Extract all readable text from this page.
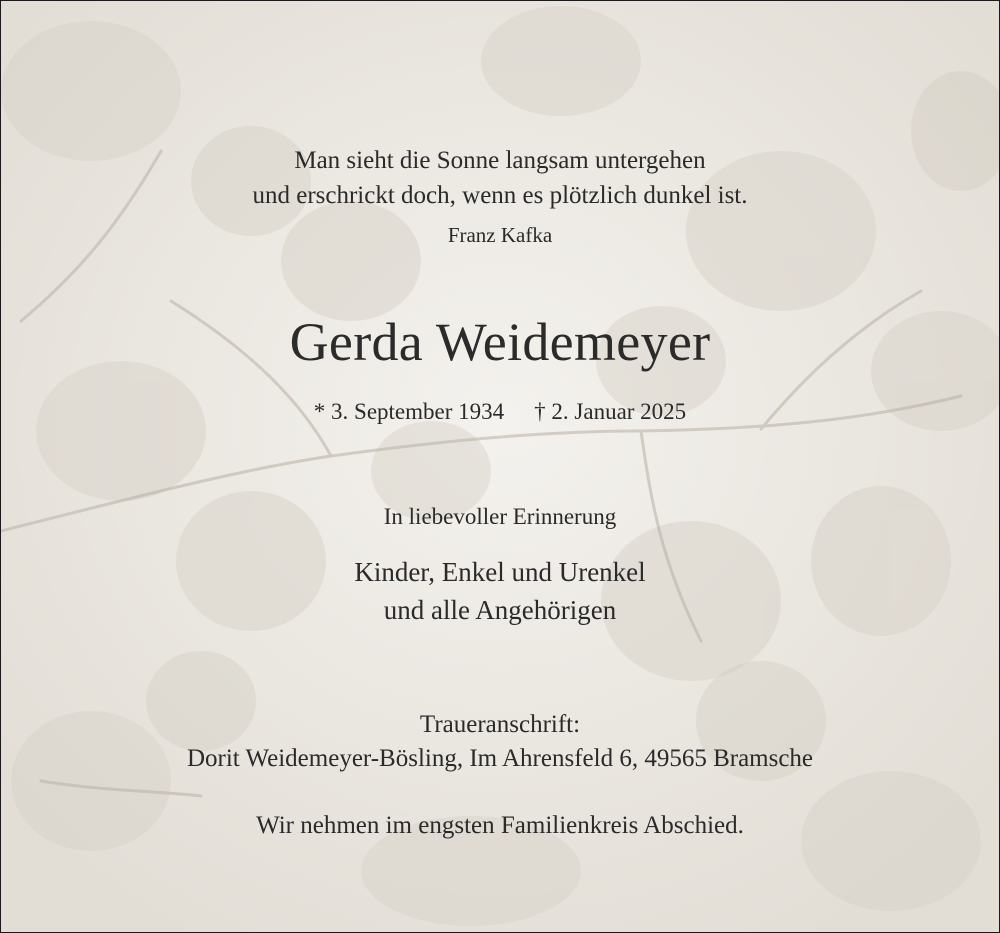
Man sieht die Sonne langsam untergehen
und erschrickt doch, wenn es plötzlich dunkel ist.
Franz Kafka
Gerda Weidemeyer
* 3. September 1934 † 2. Januar 2025
In liebevoller Erinnerung
Kinder, Enkel und Urenkel
und alle Angehörigen
Traueranschrift:
Dorit Weidemeyer-Bösling, Im Ahrensfeld 6, 49565 Bramsche
Wir nehmen im engsten Familienkreis Abschied.
